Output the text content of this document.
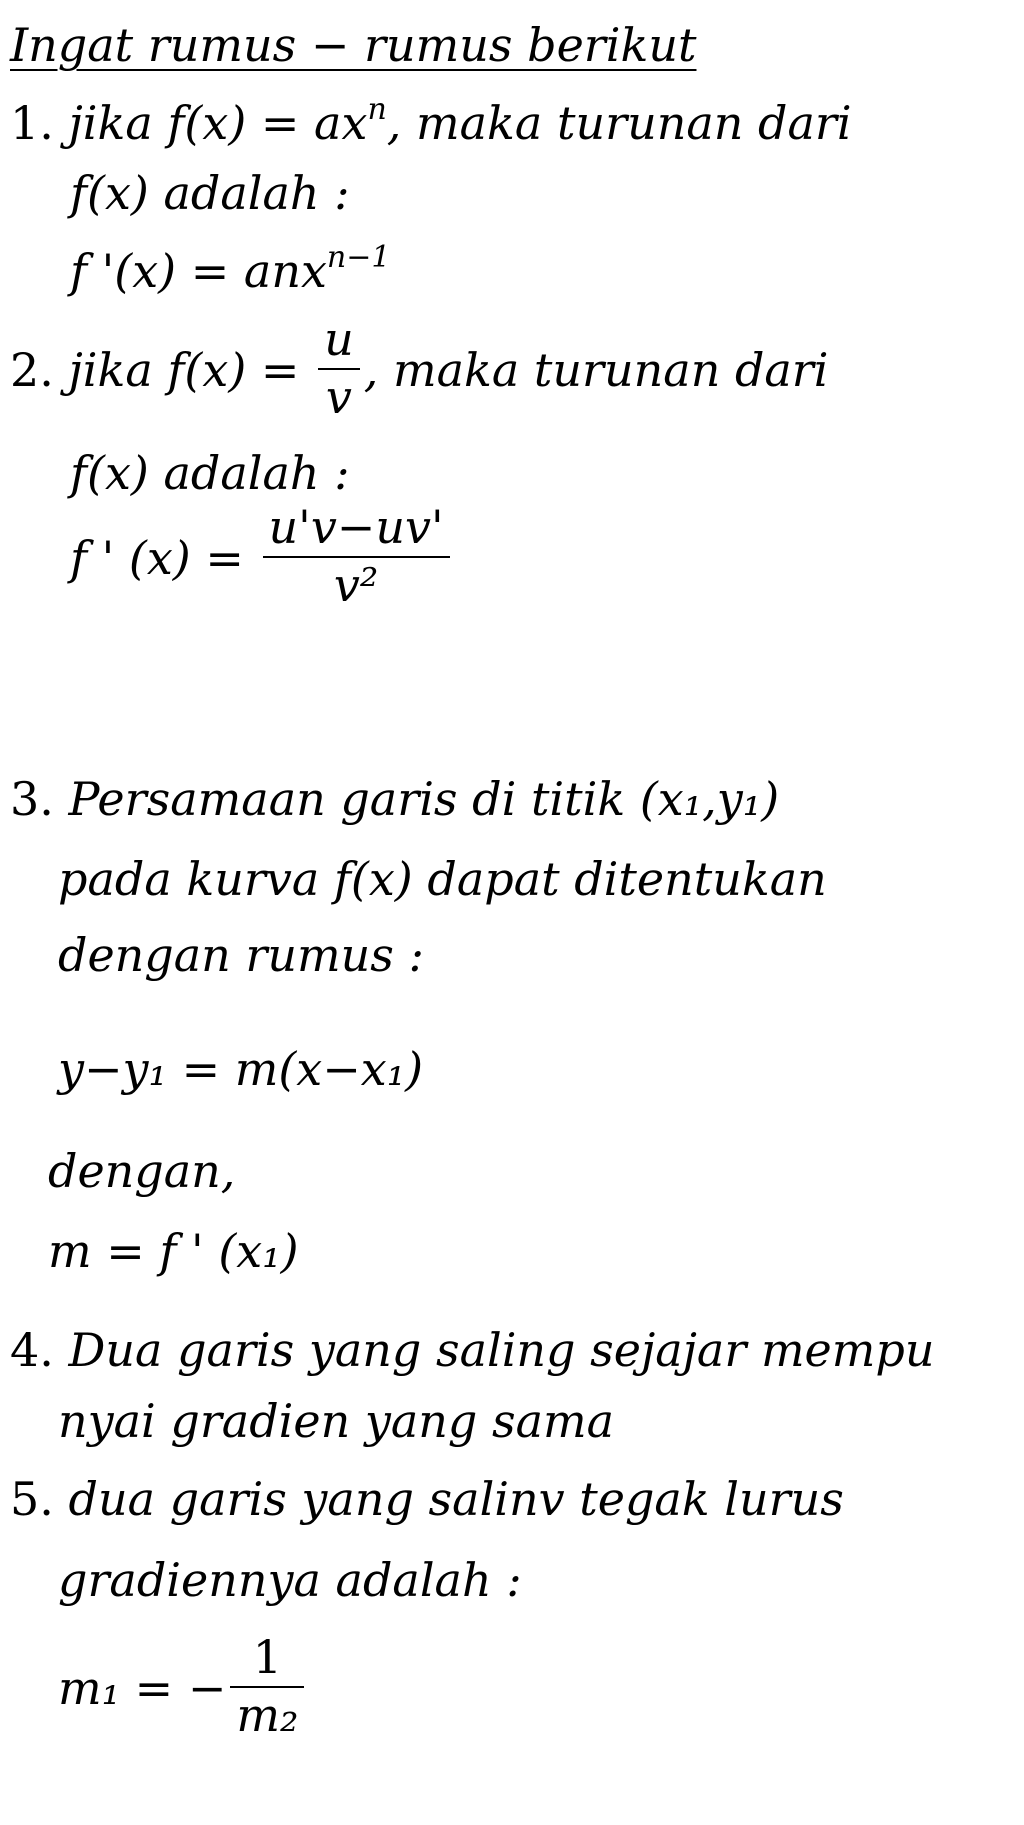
Ingat rumus − rumus berikut
1. jika $f(x) = ax^n$, maka turunan dari
f(x) adalah :
f '(x) = anx$^{n-1}$
2. jika $f(x) = \frac{u}{v}$ , maka turunan dari
f(x) adalah :
f ' $(x) = \frac{u'v-uv'}{\text{v²}}$
3. Persamaan garis di titik (x₁,y₁)
pada kurva f(x) dapat ditentukan
dengan rumus :
y−y₁ = m(x−x₁)
dengan,
m = f ' (x₁)
4. Dua garis yang saling sejajar mempu
nyai gradien yang sama
5. dua garis yang salinv tegak lurus
gradiennya adalah :
m₁ = − $\frac{1}{\text{m₂}}$
